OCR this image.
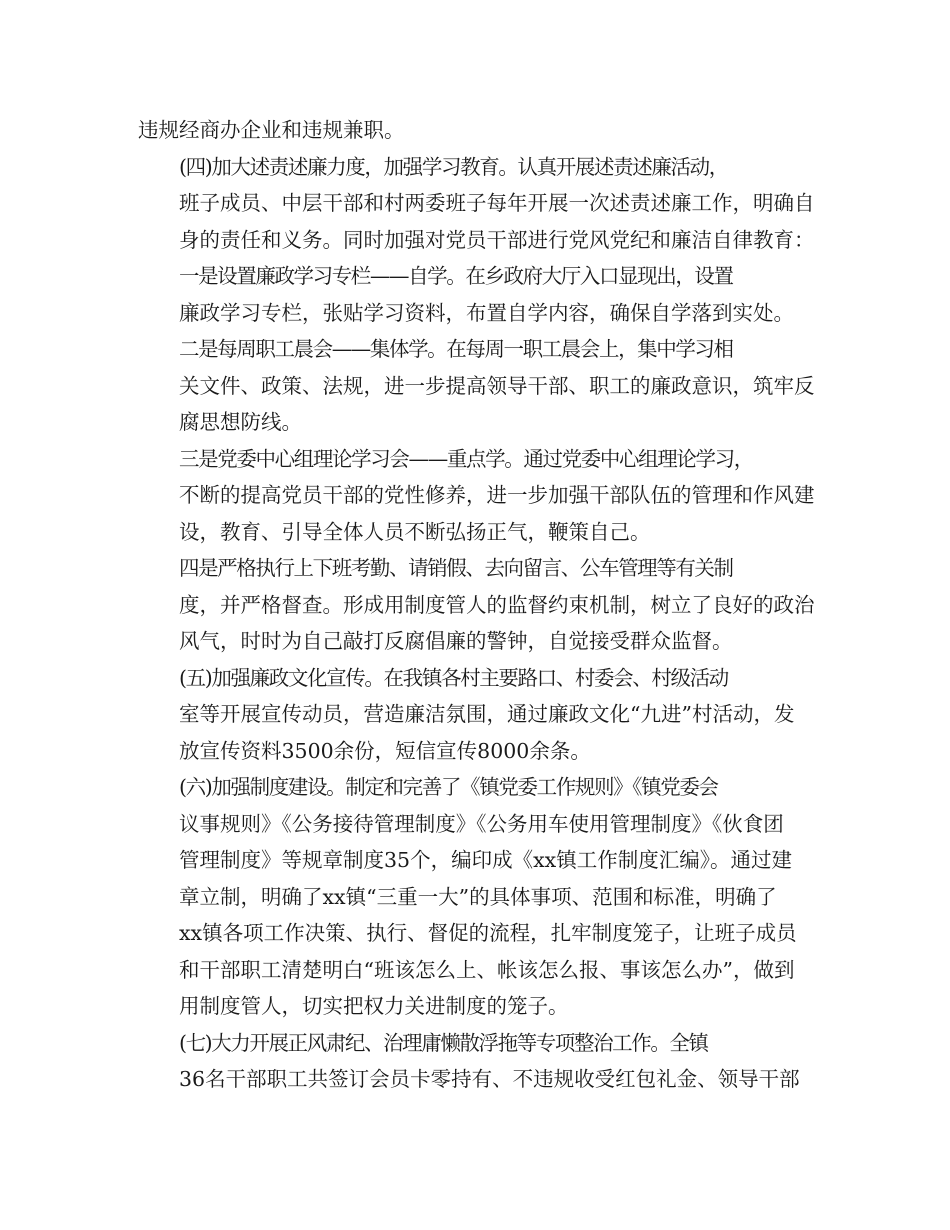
违规经商办企业和违规兼职。

(四)加大述责述廉力度，加强学习教育。认真开展述责述廉活动，
班子成员、中层干部和村两委班子每年开展一次述责述廉工作，明确自
身的责任和义务。同时加强对党员干部进行党风党纪和廉洁自律教育：

一是设置廉政学习专栏——自学。在乡政府大厅入口显现出，设置
廉政学习专栏，张贴学习资料，布置自学内容，确保自学落到实处。

二是每周职工晨会——集体学。在每周一职工晨会上，集中学习相
关文件、政策、法规，进一步提高领导干部、职工的廉政意识，筑牢反
腐思想防线。

三是党委中心组理论学习会——重点学。通过党委中心组理论学习，
不断的提高党员干部的党性修养，进一步加强干部队伍的管理和作风建
设，教育、引导全体人员不断弘扬正气，鞭策自己。

四是严格执行上下班考勤、请销假、去向留言、公车管理等有关制
度，并严格督查。形成用制度管人的监督约束机制，树立了良好的政治
风气，时时为自己敲打反腐倡廉的警钟，自觉接受群众监督。

(五)加强廉政文化宣传。在我镇各村主要路口、村委会、村级活动
室等开展宣传动员，营造廉洁氛围，通过廉政文化“九进”村活动，发
放宣传资料3500余份，短信宣传8000余条。

(六)加强制度建设。制定和完善了《镇党委工作规则》《镇党委会
议事规则》《公务接待管理制度》《公务用车使用管理制度》《伙食团
管理制度》等规章制度35个，编印成《xx镇工作制度汇编》。通过建
章立制，明确了xx镇“三重一大”的具体事项、范围和标准，明确了
xx镇各项工作决策、执行、督促的流程，扎牢制度笼子，让班子成员
和干部职工清楚明白“班该怎么上、帐该怎么报、事该怎么办”，做到
用制度管人，切实把权力关进制度的笼子。

(七)大力开展正风肃纪、治理庸懒散浮拖等专项整治工作。全镇
36名干部职工共签订会员卡零持有、不违规收受红包礼金、领导干部
